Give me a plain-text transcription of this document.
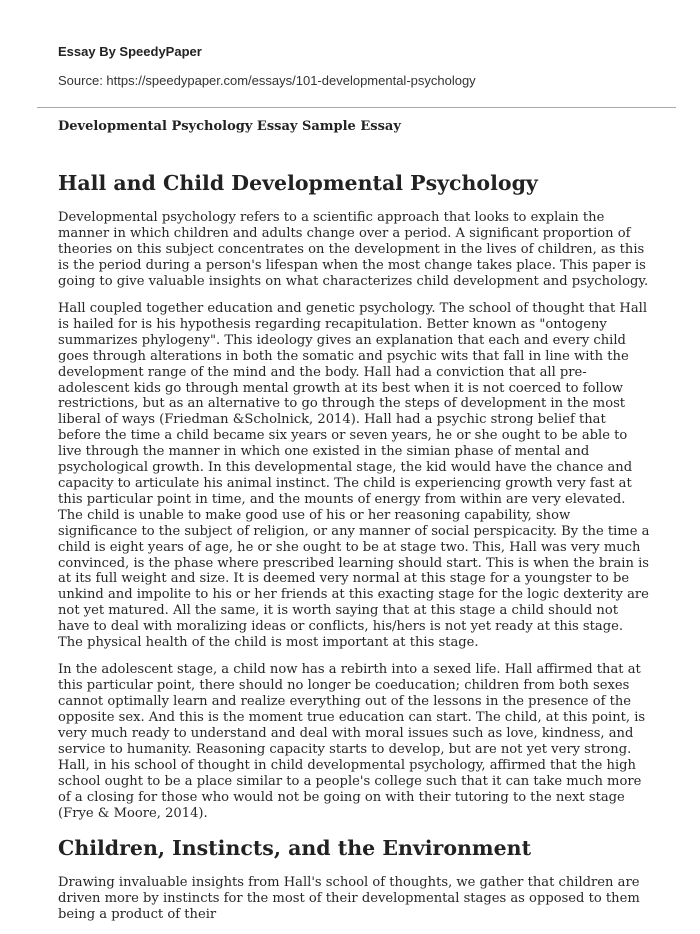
Essay By SpeedyPaper
Source: https://speedypaper.com/essays/101-developmental-psychology
Developmental Psychology Essay Sample Essay
Hall and Child Developmental Psychology

Developmental psychology refers to a scientific approach that looks to explain the manner in which children and adults change over a period. A significant proportion of theories on this subject concentrates on the development in the lives of children, as this is the period during a person's lifespan when the most change takes place. This paper is going to give valuable insights on what characterizes child development and psychology.

Hall coupled together education and genetic psychology. The school of thought that Hall is hailed for is his hypothesis regarding recapitulation. Better known as "ontogeny summarizes phylogeny". This ideology gives an explanation that each and every child goes through alterations in both the somatic and psychic wits that fall in line with the development range of the mind and the body. Hall had a conviction that all pre-adolescent kids go through mental growth at its best when it is not coerced to follow restrictions, but as an alternative to go through the steps of development in the most liberal of ways (Friedman &Scholnick, 2014). Hall had a psychic strong belief that before the time a child became six years or seven years, he or she ought to be able to live through the manner in which one existed in the simian phase of mental and psychological growth. In this developmental stage, the kid would have the chance and capacity to articulate his animal instinct. The child is experiencing growth very fast at this particular point in time, and the mounts of energy from within are very elevated. The child is unable to make good use of his or her reasoning capability, show significance to the subject of religion, or any manner of social perspicacity. By the time a child is eight years of age, he or she ought to be at stage two. This, Hall was very much convinced, is the phase where prescribed learning should start. This is when the brain is at its full weight and size. It is deemed very normal at this stage for a youngster to be unkind and impolite to his or her friends at this exacting stage for the logic dexterity are not yet matured. All the same, it is worth saying that at this stage a child should not have to deal with moralizing ideas or conflicts, his/hers is not yet ready at this stage. The physical health of the child is most important at this stage.

In the adolescent stage, a child now has a rebirth into a sexed life. Hall affirmed that at this particular point, there should no longer be coeducation; children from both sexes cannot optimally learn and realize everything out of the lessons in the presence of the opposite sex. And this is the moment true education can start. The child, at this point, is very much ready to understand and deal with moral issues such as love, kindness, and service to humanity. Reasoning capacity starts to develop, but are not yet very strong. Hall, in his school of thought in child developmental psychology, affirmed that the high school ought to be a place similar to a people's college such that it can take much more of a closing for those who would not be going on with their tutoring to the next stage (Frye & Moore, 2014).

Children, Instincts, and the Environment

Drawing invaluable insights from Hall's school of thoughts, we gather that children are driven more by instincts for the most of their developmental stages as opposed to them being a product of their
